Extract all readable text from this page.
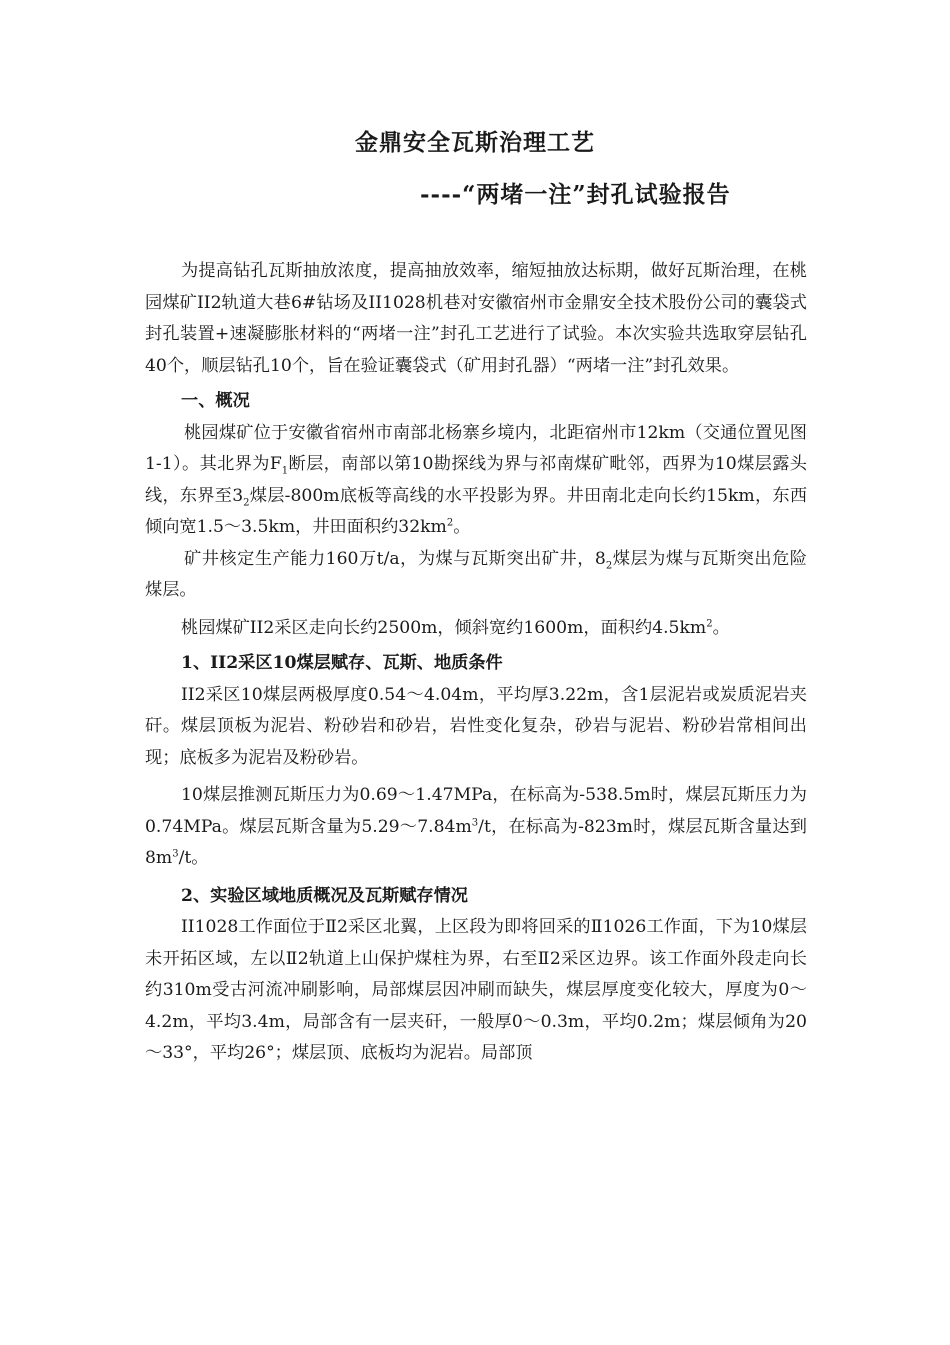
金鼎安全瓦斯治理工艺
----“两堵一注”封孔试验报告

为提高钻孔瓦斯抽放浓度，提高抽放效率，缩短抽放达标期，做好瓦斯治理，在桃园煤矿II2轨道大巷6#钻场及II1028机巷对安徽宿州市金鼎安全技术股份公司的囊袋式封孔装置+速凝膨胀材料的“两堵一注”封孔工艺进行了试验。本次实验共选取穿层钻孔40个，顺层钻孔10个，旨在验证囊袋式（矿用封孔器）“两堵一注”封孔效果。

一、概况

桃园煤矿位于安徽省宿州市南部北杨寨乡境内，北距宿州市12km（交通位置见图1-1）。其北界为$F_1$断层，南部以第10勘探线为界与祁南煤矿毗邻，西界为10煤层露头线，东界至$3_2$煤层-800m底板等高线的水平投影为界。井田南北走向长约15km，东西倾向宽1.5～3.5km，井田面积约$32km^2$。

矿井核定生产能力160万t/a，为煤与瓦斯突出矿井，$8_2$煤层为煤与瓦斯突出危险煤层。

桃园煤矿II2采区走向长约2500m，倾斜宽约1600m，面积约$4.5km^2$。

1、II2采区10煤层赋存、瓦斯、地质条件

II2采区10煤层两极厚度0.54～4.04m，平均厚3.22m，含1层泥岩或炭质泥岩夹矸。煤层顶板为泥岩、粉砂岩和砂岩，岩性变化复杂，砂岩与泥岩、粉砂岩常相间出现；底板多为泥岩及粉砂岩。

10煤层推测瓦斯压力为0.69～1.47MPa，在标高为-538.5m时，煤层瓦斯压力为0.74MPa。煤层瓦斯含量为$5.29\sim 7.84m^3/t$，在标高为-823m时，煤层瓦斯含量达到$8m^3/t$。

2、实验区域地质概况及瓦斯赋存情况

II1028工作面位于Ⅱ2采区北翼，上区段为即将回采的Ⅱ1026工作面，下为10煤层未开拓区域，左以Ⅱ2轨道上山保护煤柱为界，右至Ⅱ2采区边界。该工作面外段走向长约310m受古河流冲刷影响，局部煤层因冲刷而缺失，煤层厚度变化较大，厚度为0～4.2m，平均3.4m，局部含有一层夹矸，一般厚0～0.3m，平均0.2m；煤层倾角为20～33°，平均26°；煤层顶、底板均为泥岩。局部顶
